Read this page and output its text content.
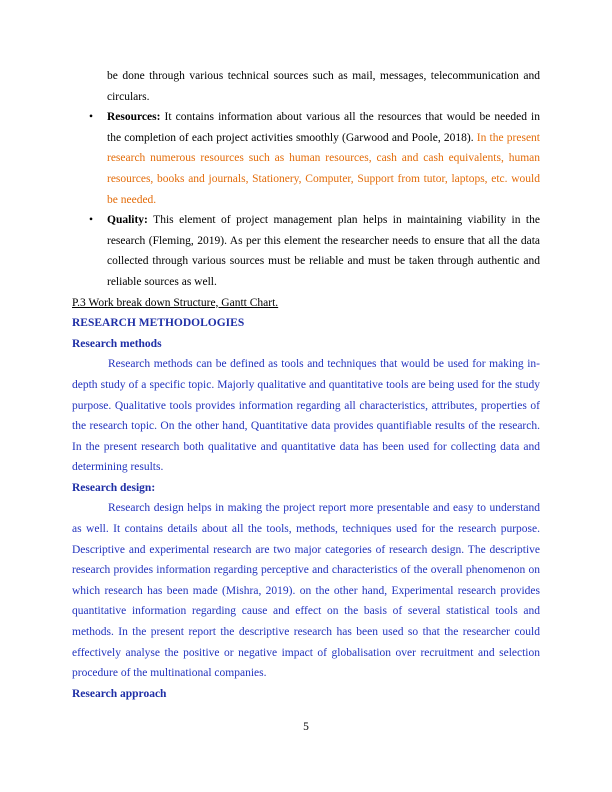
be done through various technical sources such as mail, messages, telecommunication and circulars.

• Resources: It contains information about various all the resources that would be needed in the completion of each project activities smoothly (Garwood and Poole, 2018). In the present research numerous resources such as human resources, cash and cash equivalents, human resources, books and journals, Stationery, Computer, Support from tutor, laptops, etc. would be needed.
• Quality: This element of project management plan helps in maintaining viability in the research (Fleming, 2019). As per this element the researcher needs to ensure that all the data collected through various sources must be reliable and must be taken through authentic and reliable sources as well.

P.3 Work break down Structure, Gantt Chart.

RESEARCH METHODOLOGIES

Research methods

Research methods can be defined as tools and techniques that would be used for making in-depth study of a specific topic. Majorly qualitative and quantitative tools are being used for the study purpose. Qualitative tools provides information regarding all characteristics, attributes, properties of the research topic. On the other hand, Quantitative data provides quantifiable results of the research. In the present research both qualitative and quantitative data has been used for collecting data and determining results.

Research design:

Research design helps in making the project report more presentable and easy to understand as well. It contains details about all the tools, methods, techniques used for the research purpose. Descriptive and experimental research are two major categories of research design. The descriptive research provides information regarding perceptive and characteristics of the overall phenomenon on which research has been made (Mishra, 2019). on the other hand, Experimental research provides quantitative information regarding cause and effect on the basis of several statistical tools and methods. In the present report the descriptive research has been used so that the researcher could effectively analyse the positive or negative impact of globalisation over recruitment and selection procedure of the multinational companies.

Research approach

5
